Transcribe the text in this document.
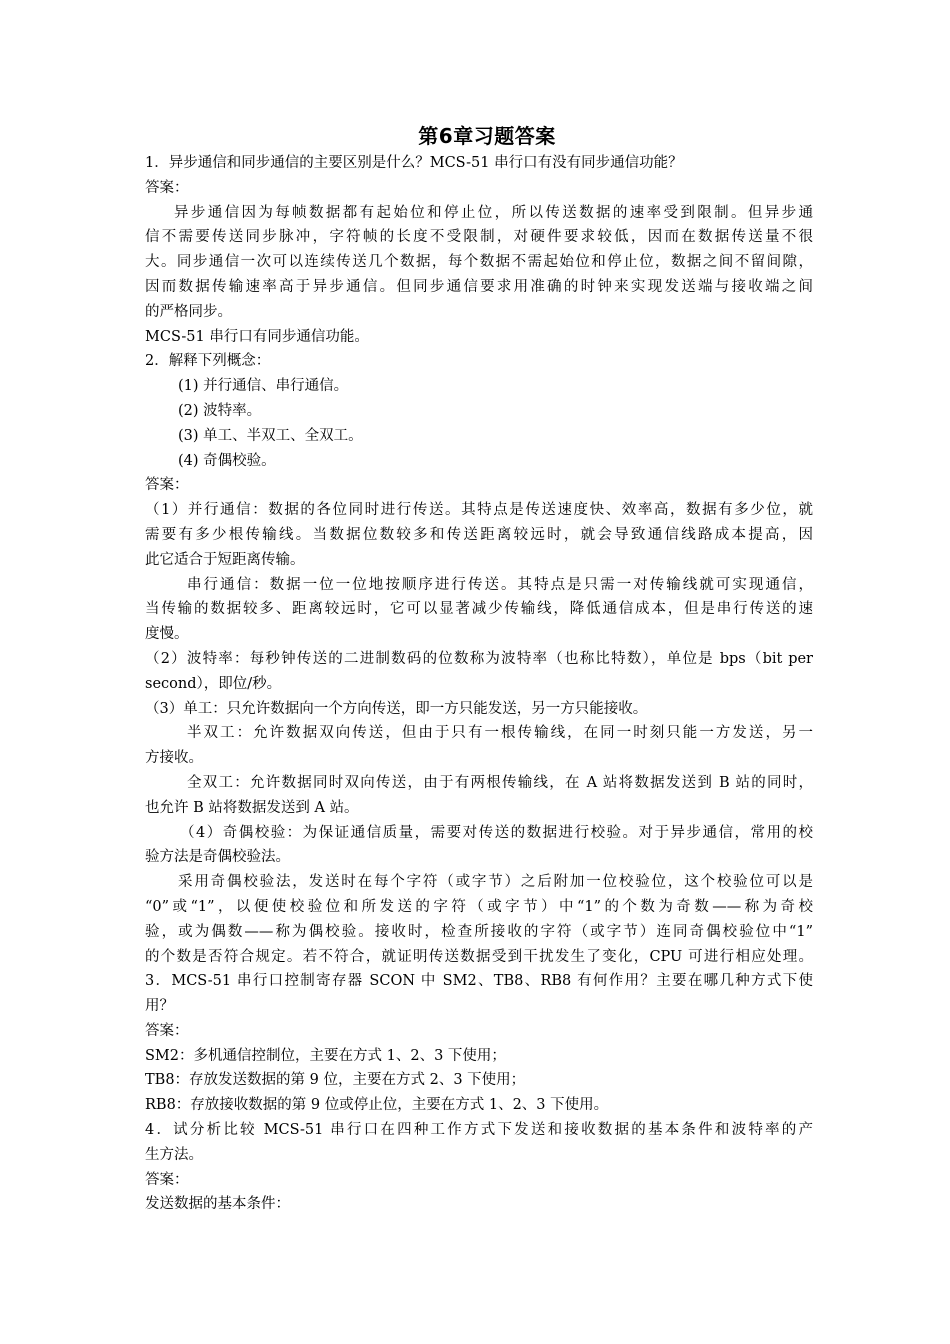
第6章习题答案

1．异步通信和同步通信的主要区别是什么？MCS-51 串行口有没有同步通信功能？

答案：

异步通信因为每帧数据都有起始位和停止位，所以传送数据的速率受到限制。但异步通

信不需要传送同步脉冲，字符帧的长度不受限制，对硬件要求较低，因而在数据传送量不很

大。同步通信一次可以连续传送几个数据，每个数据不需起始位和停止位，数据之间不留间隙，

因而数据传输速率高于异步通信。但同步通信要求用准确的时钟来实现发送端与接收端之间

的严格同步。

MCS-51 串行口有同步通信功能。

2．解释下列概念：

(1) 并行通信、串行通信。

(2) 波特率。

(3) 单工、半双工、全双工。

(4) 奇偶校验。

答案：

（1）并行通信：数据的各位同时进行传送。其特点是传送速度快、效率高，数据有多少位，就

需要有多少根传输线。当数据位数较多和传送距离较远时，就会导致通信线路成本提高，因

此它适合于短距离传输。

串行通信：数据一位一位地按顺序进行传送。其特点是只需一对传输线就可实现通信，

当传输的数据较多、距离较远时，它可以显著减少传输线，降低通信成本，但是串行传送的速

度慢。

（2）波特率：每秒钟传送的二进制数码的位数称为波特率（也称比特数），单位是 bps（bit per

second），即位/秒。

（3）单工：只允许数据向一个方向传送，即一方只能发送，另一方只能接收。

半双工：允许数据双向传送，但由于只有一根传输线，在同一时刻只能一方发送，另一

方接收。

全双工：允许数据同时双向传送，由于有两根传输线，在 A 站将数据发送到 B 站的同时，

也允许 B 站将数据发送到 A 站。

（4）奇偶校验：为保证通信质量，需要对传送的数据进行校验。对于异步通信，常用的校

验方法是奇偶校验法。

采用奇偶校验法，发送时在每个字符（或字节）之后附加一位校验位，这个校验位可以是

“0”或“1”，以便使校验位和所发送的字符（或字节）中“1”的个数为奇数——称为奇校

验，或为偶数——称为偶校验。接收时，检查所接收的字符（或字节）连同奇偶校验位中“1”

的个数是否符合规定。若不符合，就证明传送数据受到干扰发生了变化，CPU 可进行相应处理。

3．MCS-51 串行口控制寄存器 SCON 中 SM2、TB8、RB8 有何作用？主要在哪几种方式下使

用？

答案：

SM2：多机通信控制位，主要在方式 1、2、3 下使用；

TB8：存放发送数据的第 9 位，主要在方式 2、3 下使用；

RB8：存放接收数据的第 9 位或停止位，主要在方式 1、2、3 下使用。

4．试分析比较 MCS-51 串行口在四种工作方式下发送和接收数据的基本条件和波特率的产

生方法。

答案：

发送数据的基本条件：
